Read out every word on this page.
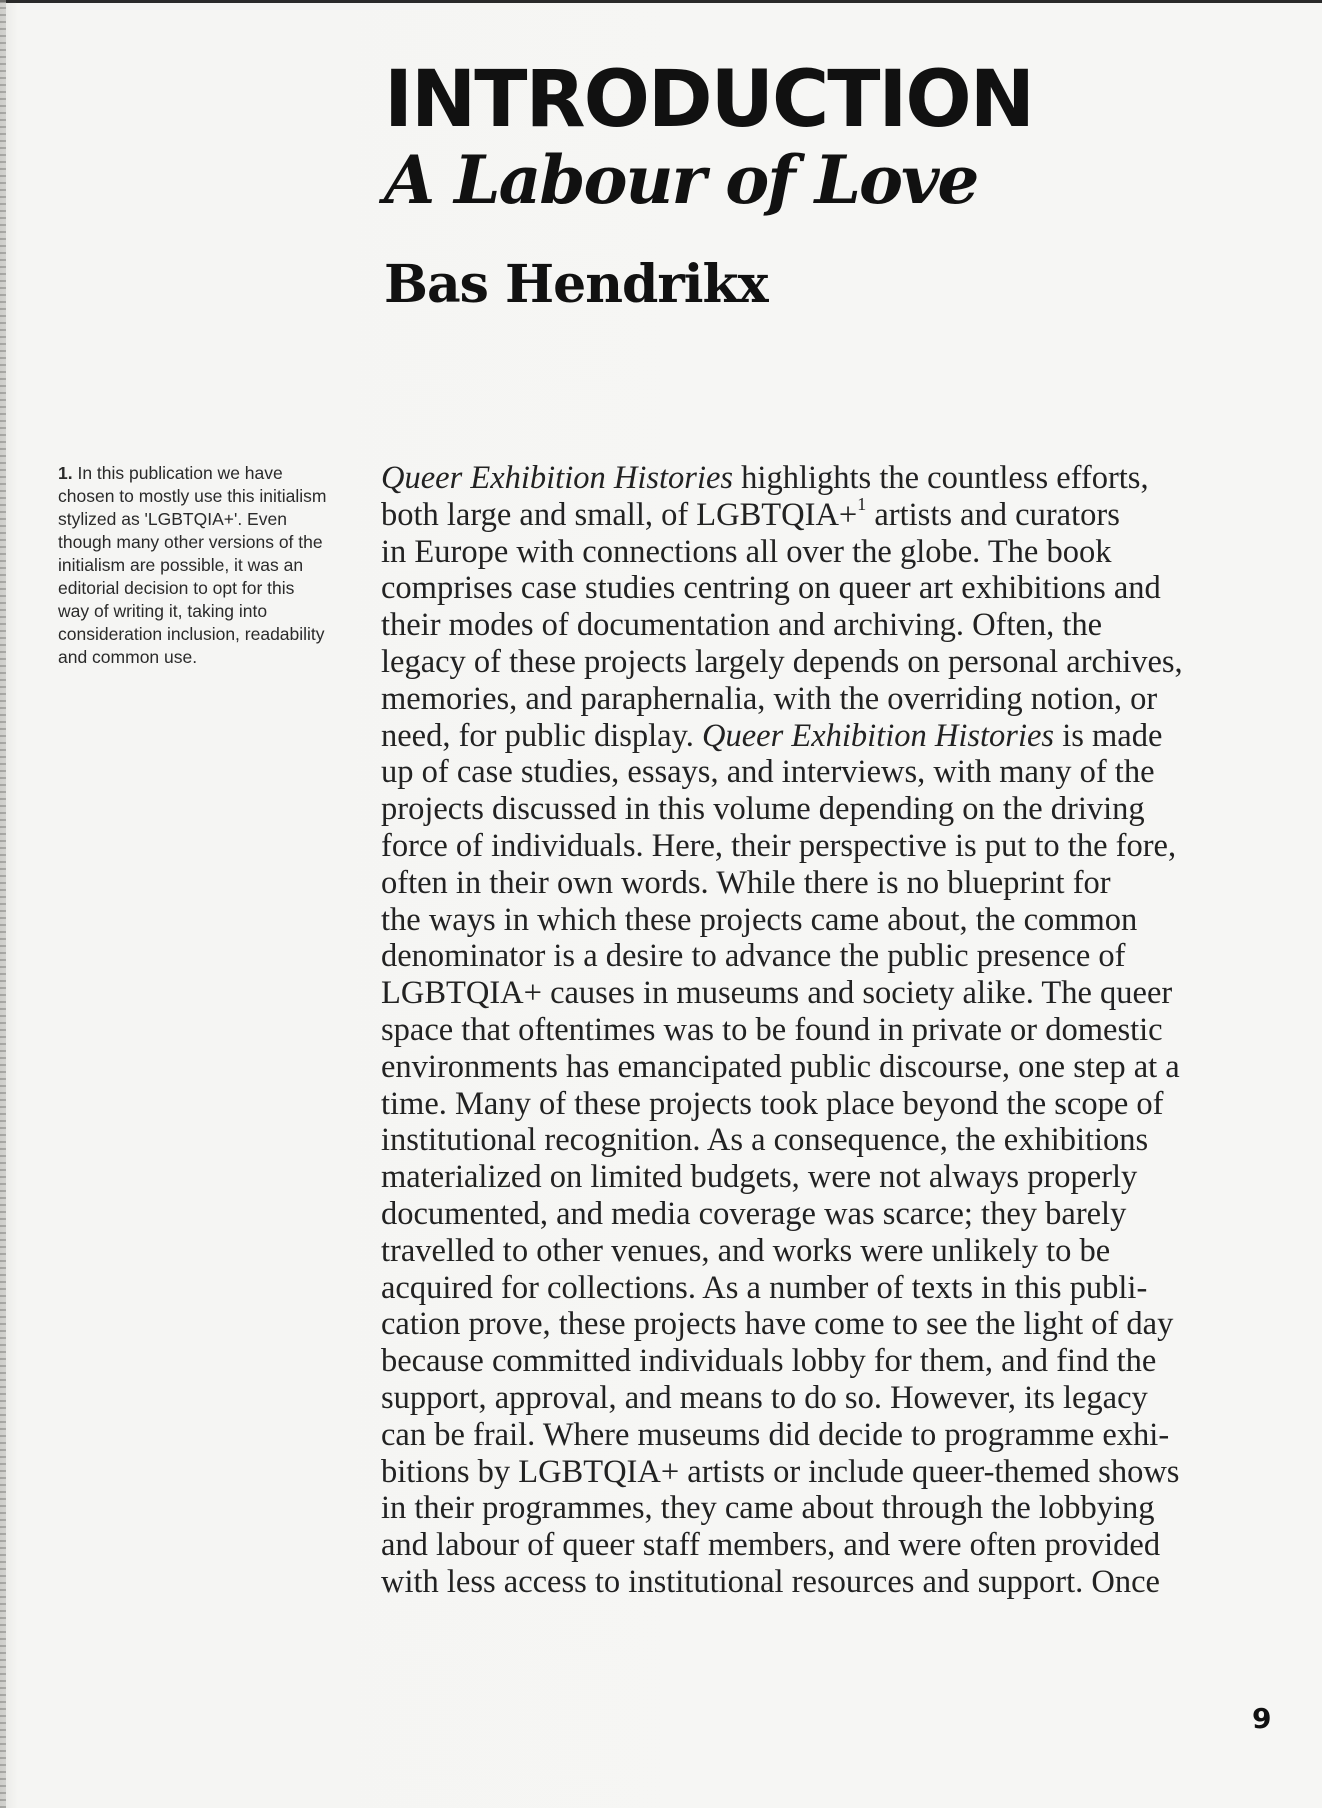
INTRODUCTION
A Labour of Love
Bas Hendrikx

1. In this publication we have chosen to mostly use this initialism stylized as 'LGBTQIA+'. Even though many other versions of the initialism are possible, it was an editorial decision to opt for this way of writing it, taking into consideration inclusion, readability and common use.

Queer Exhibition Histories highlights the countless efforts,
both large and small, of LGBTQIA+$^1$ artists and curators
in Europe with connections all over the globe. The book
comprises case studies centring on queer art exhibitions and
their modes of documentation and archiving. Often, the
legacy of these projects largely depends on personal archives,
memories, and paraphernalia, with the overriding notion, or
need, for public display. Queer Exhibition Histories is made
up of case studies, essays, and interviews, with many of the
projects discussed in this volume depending on the driving
force of individuals. Here, their perspective is put to the fore,
often in their own words. While there is no blueprint for
the ways in which these projects came about, the common
denominator is a desire to advance the public presence of
LGBTQIA+ causes in museums and society alike. The queer
space that oftentimes was to be found in private or domestic
environments has emancipated public discourse, one step at a
time. Many of these projects took place beyond the scope of
institutional recognition. As a consequence, the exhibitions
materialized on limited budgets, were not always properly
documented, and media coverage was scarce; they barely
travelled to other venues, and works were unlikely to be
acquired for collections. As a number of texts in this publi-
cation prove, these projects have come to see the light of day
because committed individuals lobby for them, and find the
support, approval, and means to do so. However, its legacy
can be frail. Where museums did decide to programme exhi-
bitions by LGBTQIA+ artists or include queer-themed shows
in their programmes, they came about through the lobbying
and labour of queer staff members, and were often provided
with less access to institutional resources and support. Once

9
